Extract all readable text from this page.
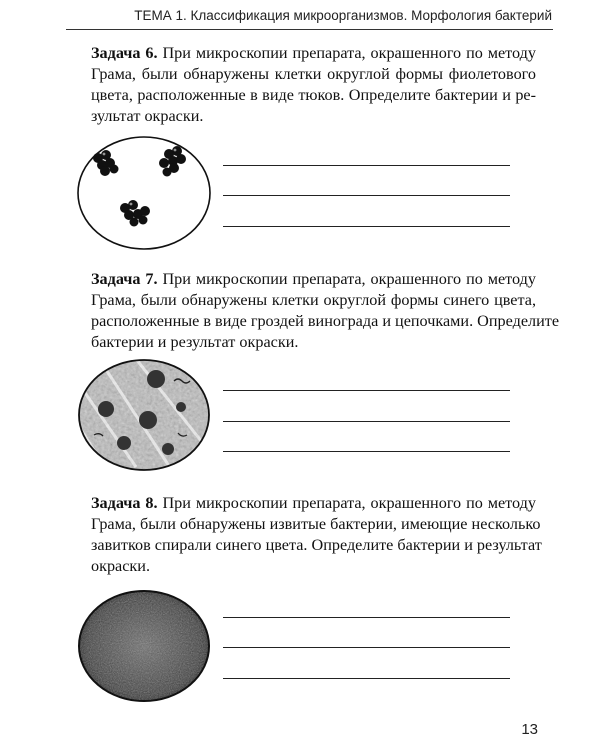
ТЕМА 1. Классификация микроорганизмов. Морфология бактерий
Задача 6. При микроскопии препарата, окрашенного по методу
Грама, были обнаружены клетки округлой формы фиолетового
цвета, расположенные в виде тюков. Определите бактерии и ре-
зультат окраски.
Задача 7. При микроскопии препарата, окрашенного по методу
Грама, были обнаружены клетки округлой формы синего цвета,
расположенные в виде гроздей винограда и цепочками. Определите
бактерии и результат окраски.
Задача 8. При микроскопии препарата, окрашенного по методу
Грама, были обнаружены извитые бактерии, имеющие несколько
завитков спирали синего цвета. Определите бактерии и результат
окраски.
13
